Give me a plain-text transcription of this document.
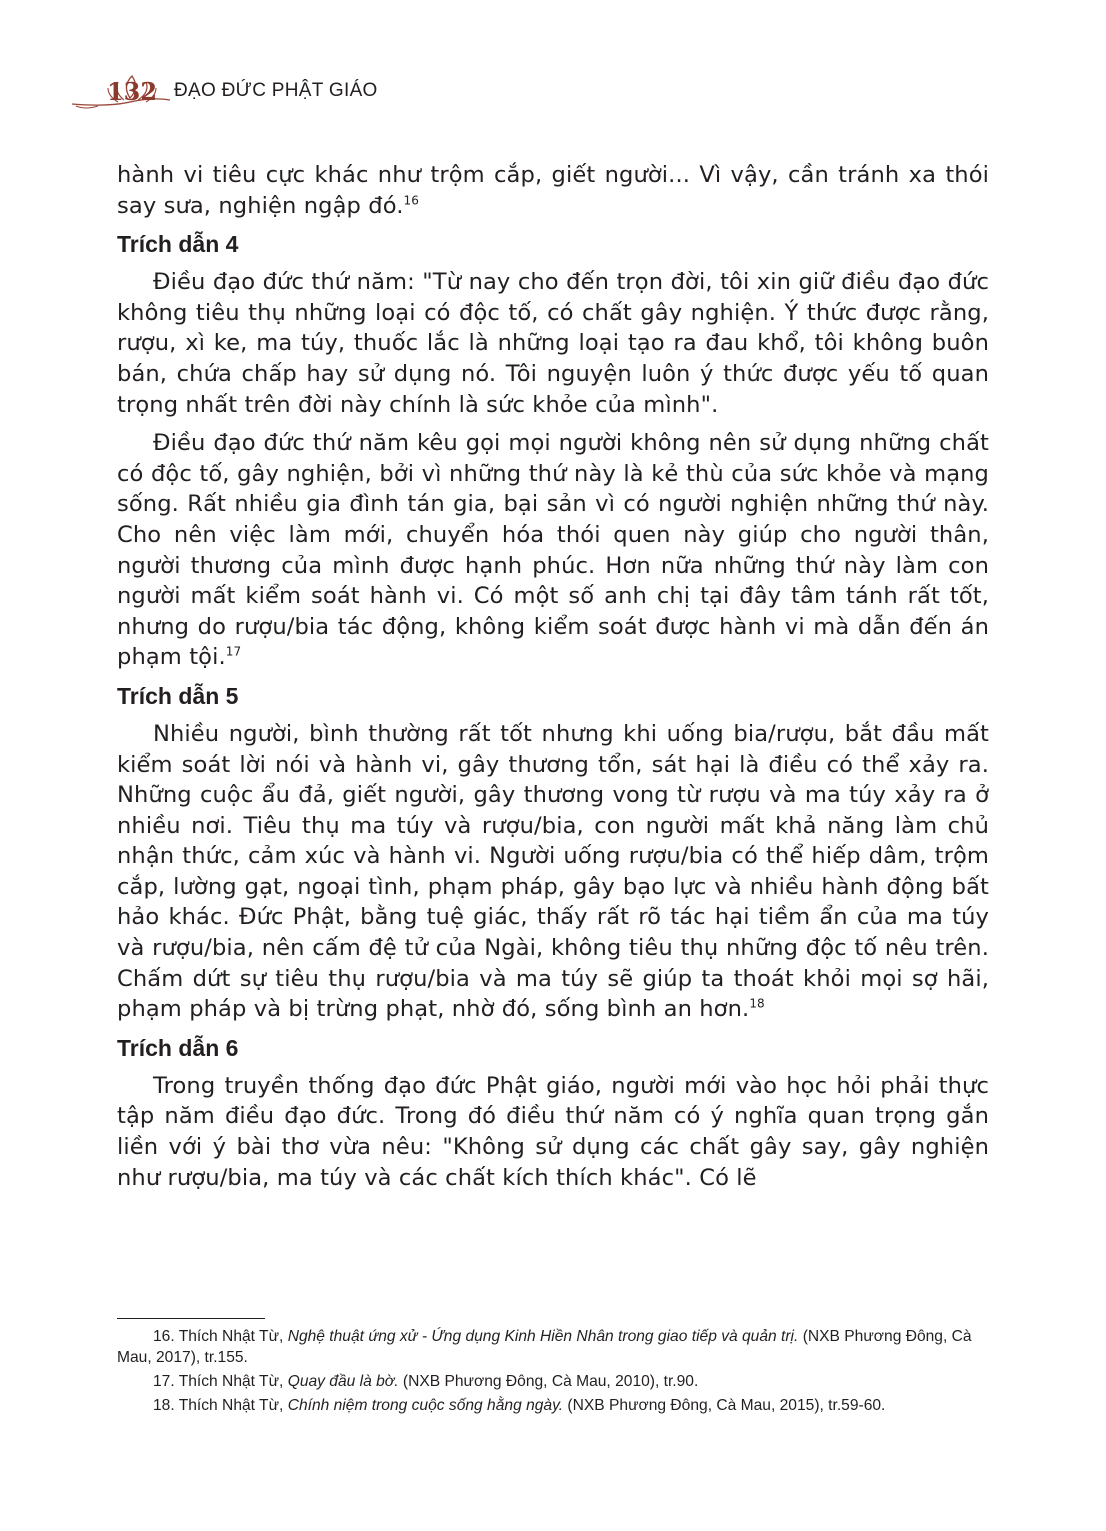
132 ĐẠO ĐỨC PHẬT GIÁO

hành vi tiêu cực khác như trộm cắp, giết người... Vì vậy, cần tránh xa thói say sưa, nghiện ngập đó.$^{16}$

Trích dẫn 4

Điều đạo đức thứ năm: "Từ nay cho đến trọn đời, tôi xin giữ điều đạo đức không tiêu thụ những loại có độc tố, có chất gây nghiện. Ý thức được rằng, rượu, xì ke, ma túy, thuốc lắc là những loại tạo ra đau khổ, tôi không buôn bán, chứa chấp hay sử dụng nó. Tôi nguyện luôn ý thức được yếu tố quan trọng nhất trên đời này chính là sức khỏe của mình".

Điều đạo đức thứ năm kêu gọi mọi người không nên sử dụng những chất có độc tố, gây nghiện, bởi vì những thứ này là kẻ thù của sức khỏe và mạng sống. Rất nhiều gia đình tán gia, bại sản vì có người nghiện những thứ này. Cho nên việc làm mới, chuyển hóa thói quen này giúp cho người thân, người thương của mình được hạnh phúc. Hơn nữa những thứ này làm con người mất kiểm soát hành vi. Có một số anh chị tại đây tâm tánh rất tốt, nhưng do rượu/bia tác động, không kiểm soát được hành vi mà dẫn đến án phạm tội.$^{17}$

Trích dẫn 5

Nhiều người, bình thường rất tốt nhưng khi uống bia/rượu, bắt đầu mất kiểm soát lời nói và hành vi, gây thương tổn, sát hại là điều có thể xảy ra. Những cuộc ẩu đả, giết người, gây thương vong từ rượu và ma túy xảy ra ở nhiều nơi. Tiêu thụ ma túy và rượu/bia, con người mất khả năng làm chủ nhận thức, cảm xúc và hành vi. Người uống rượu/bia có thể hiếp dâm, trộm cắp, lường gạt, ngoại tình, phạm pháp, gây bạo lực và nhiều hành động bất hảo khác. Đức Phật, bằng tuệ giác, thấy rất rõ tác hại tiềm ẩn của ma túy và rượu/bia, nên cấm đệ tử của Ngài, không tiêu thụ những độc tố nêu trên. Chấm dứt sự tiêu thụ rượu/bia và ma túy sẽ giúp ta thoát khỏi mọi sợ hãi, phạm pháp và bị trừng phạt, nhờ đó, sống bình an hơn.$^{18}$

Trích dẫn 6

Trong truyền thống đạo đức Phật giáo, người mới vào học hỏi phải thực tập năm điều đạo đức. Trong đó điều thứ năm có ý nghĩa quan trọng gắn liền với ý bài thơ vừa nêu: "Không sử dụng các chất gây say, gây nghiện như rượu/bia, ma túy và các chất kích thích khác". Có lẽ

16. Thích Nhật Từ, Nghệ thuật ứng xử - Ứng dụng Kinh Hiền Nhân trong giao tiếp và quản trị. (NXB Phương Đông, Cà Mau, 2017), tr.155.

17. Thích Nhật Từ, Quay đầu là bờ. (NXB Phương Đông, Cà Mau, 2010), tr.90.

18. Thích Nhật Từ, Chính niệm trong cuộc sống hằng ngày. (NXB Phương Đông, Cà Mau, 2015), tr.59-60.
